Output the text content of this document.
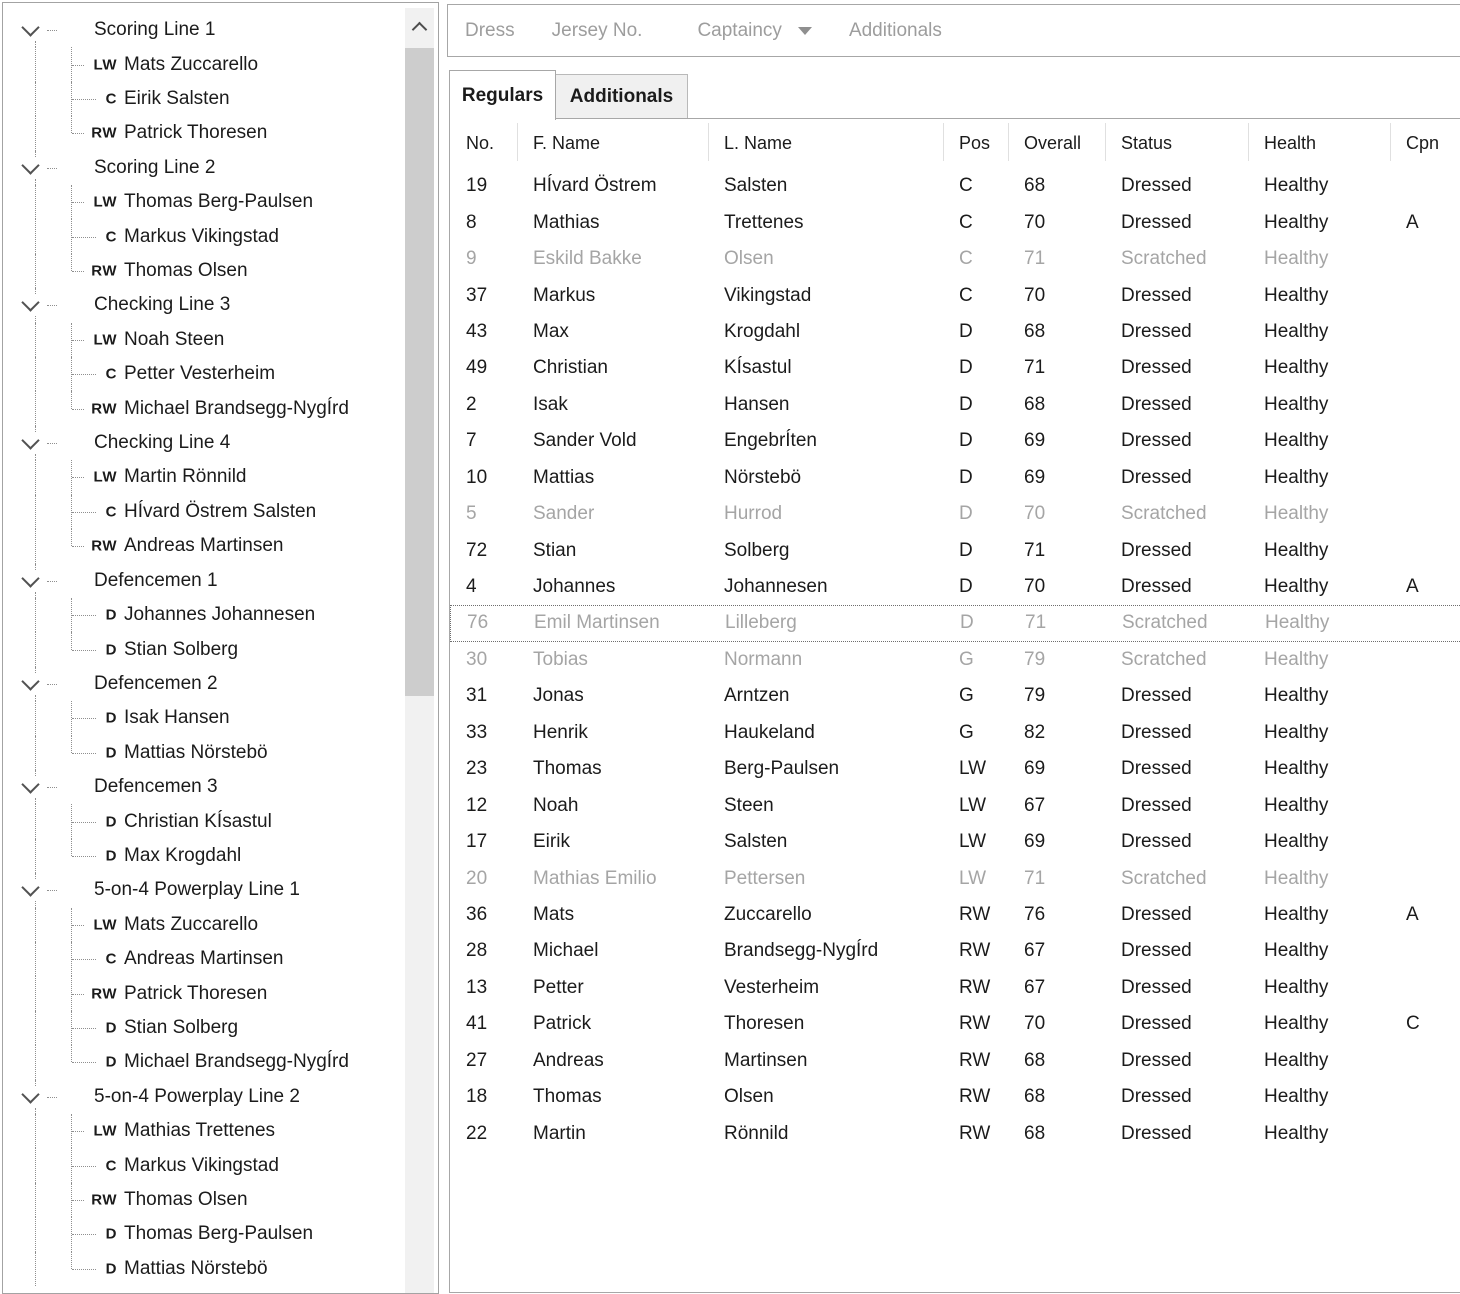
Scoring Line 1
LW Mats Zuccarello
C Eirik Salsten
RW Patrick Thoresen
Scoring Line 2
LW Thomas Berg-Paulsen
C Markus Vikingstad
RW Thomas Olsen
Checking Line 3
LW Noah Steen
C Petter Vesterheim
RW Michael Brandsegg-NygÍrd
Checking Line 4
LW Martin Rönnild
C HÍvard Östrem Salsten
RW Andreas Martinsen
Defencemen 1
D Johannes Johannesen
D Stian Solberg
Defencemen 2
D Isak Hansen
D Mattias Nörstebö
Defencemen 3
D Christian KÍsastul
D Max Krogdahl
5-on-4 Powerplay Line 1
LW Mats Zuccarello
C Andreas Martinsen
RW Patrick Thoresen
D Stian Solberg
D Michael Brandsegg-NygÍrd
5-on-4 Powerplay Line 2
LW Mathias Trettenes
C Markus Vikingstad
RW Thomas Olsen
D Thomas Berg-Paulsen
D Mattias Nörstebö
Dress Jersey No.	Captaincy	Additionals
Regulars	Additionals
No.	F. Name	L. Name	Pos	Overall	Status	Health	Cpn
19	HÍvard Östrem	Salsten	C	68	Dressed	Healthy
8	Mathias	Trettenes	C	70	Dressed	Healthy	A
9	Eskild Bakke	Olsen	C	71	Scratched	Healthy
37	Markus	Vikingstad	C	70	Dressed	Healthy
43	Max	Krogdahl	D	68	Dressed	Healthy
49	Christian	KÍsastul	D	71	Dressed	Healthy
2	Isak	Hansen	D	68	Dressed	Healthy
7	Sander Vold	EngebrÍten	D	69	Dressed	Healthy
10	Mattias	Nörstebö	D	69	Dressed	Healthy
5	Sander	Hurrod	D	70	Scratched	Healthy
72	Stian	Solberg	D	71	Dressed	Healthy
4	Johannes	Johannesen	D	70	Dressed	Healthy	A
76	Emil Martinsen	Lilleberg	D	71	Scratched	Healthy
30	Tobias	Normann	G	79	Scratched	Healthy
31	Jonas	Arntzen	G	79	Dressed	Healthy
33	Henrik	Haukeland	G	82	Dressed	Healthy
23	Thomas	Berg-Paulsen	LW	69	Dressed	Healthy
12	Noah	Steen	LW	67	Dressed	Healthy
17	Eirik	Salsten	LW	69	Dressed	Healthy
20	Mathias Emilio	Pettersen	LW	71	Scratched	Healthy
36	Mats	Zuccarello	RW	76	Dressed	Healthy	A
28	Michael	Brandsegg-NygÍrd	RW	67	Dressed	Healthy
13	Petter	Vesterheim	RW	67	Dressed	Healthy
41	Patrick	Thoresen	RW	70	Dressed	Healthy	C
27	Andreas	Martinsen	RW	68	Dressed	Healthy
18	Thomas	Olsen	RW	68	Dressed	Healthy
22	Martin	Rönnild	RW	68	Dressed	Healthy
